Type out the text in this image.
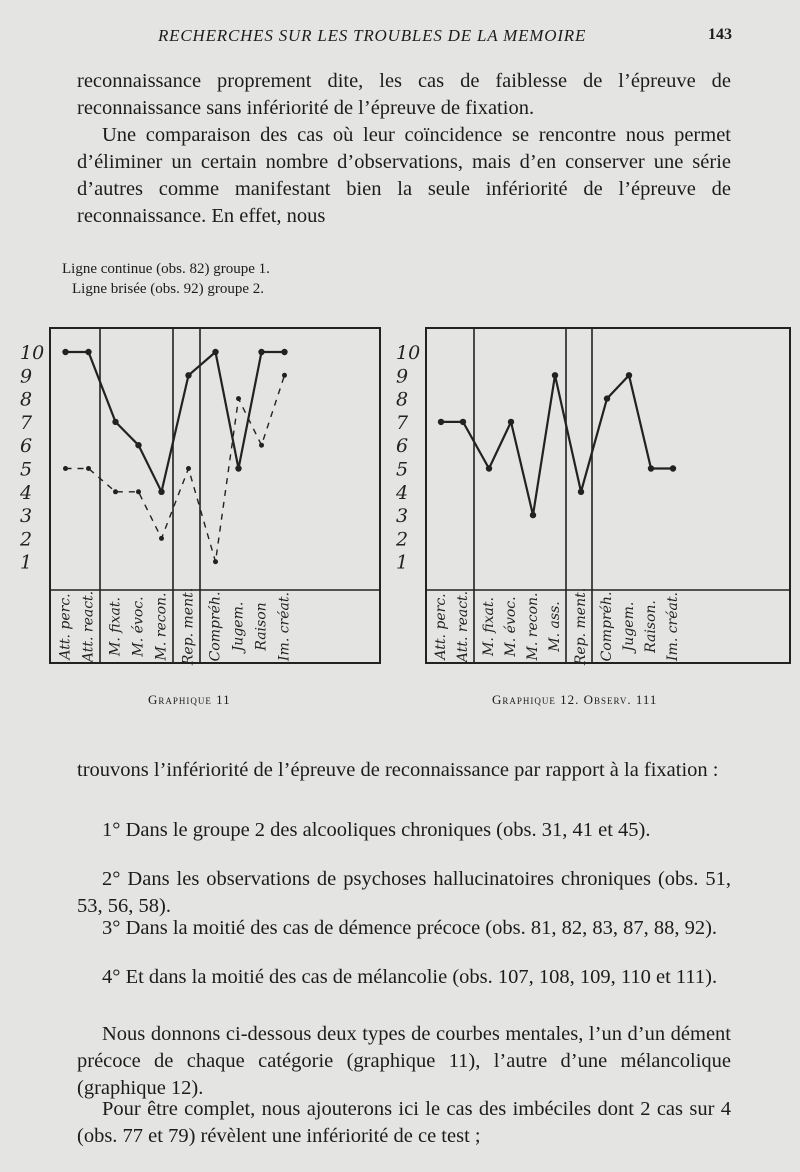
RECHERCHES SUR LES TROUBLES DE LA MEMOIRE	143

reconnaissance proprement dite, les cas de faiblesse de l’épreuve de reconnaissance sans infériorité de l’épreuve de fixation.

Une comparaison des cas où leur coïncidence se rencontre nous permet d’éliminer un certain nombre d’observations, mais d’en conserver une série d’autres comme manifestant bien la seule infériorité de l’épreuve de reconnaissance. En effet, nous

Ligne continue (obs. 82) groupe 1.
Ligne brisée (obs. 92) groupe 2.
10
9
8
7
6
5
4
3
2
1
Att. perc. Att. react. M. fixat. M. évoc. M. recon. Rep. ment. Compréh. Jugem. Raison Im. créat.
10
9
8
7
6
5
4
3
2
1
Att. perc. Att. react. M. fixat. M. évoc. M. recon. M. ass. Rep. ment. Compréh. Jugem. Raison. Im. créat.
Graphique 11	Graphique 12. Observ. 111

trouvons l’infériorité de l’épreuve de reconnaissance par rapport à la fixation :

1° Dans le groupe 2 des alcooliques chroniques (obs. 31, 41 et 45).

2° Dans les observations de psychoses hallucinatoires chroniques (obs. 51, 53, 56, 58).

3° Dans la moitié des cas de démence précoce (obs. 81, 82, 83, 87, 88, 92).

4° Et dans la moitié des cas de mélancolie (obs. 107, 108, 109, 110 et 111).

Nous donnons ci-dessous deux types de courbes mentales, l’un d’un dément précoce de chaque catégorie (graphique 11), l’autre d’une mélancolique (graphique 12).

Pour être complet, nous ajouterons ici le cas des imbéciles dont 2 cas sur 4 (obs. 77 et 79) révèlent une infériorité de ce test ;
